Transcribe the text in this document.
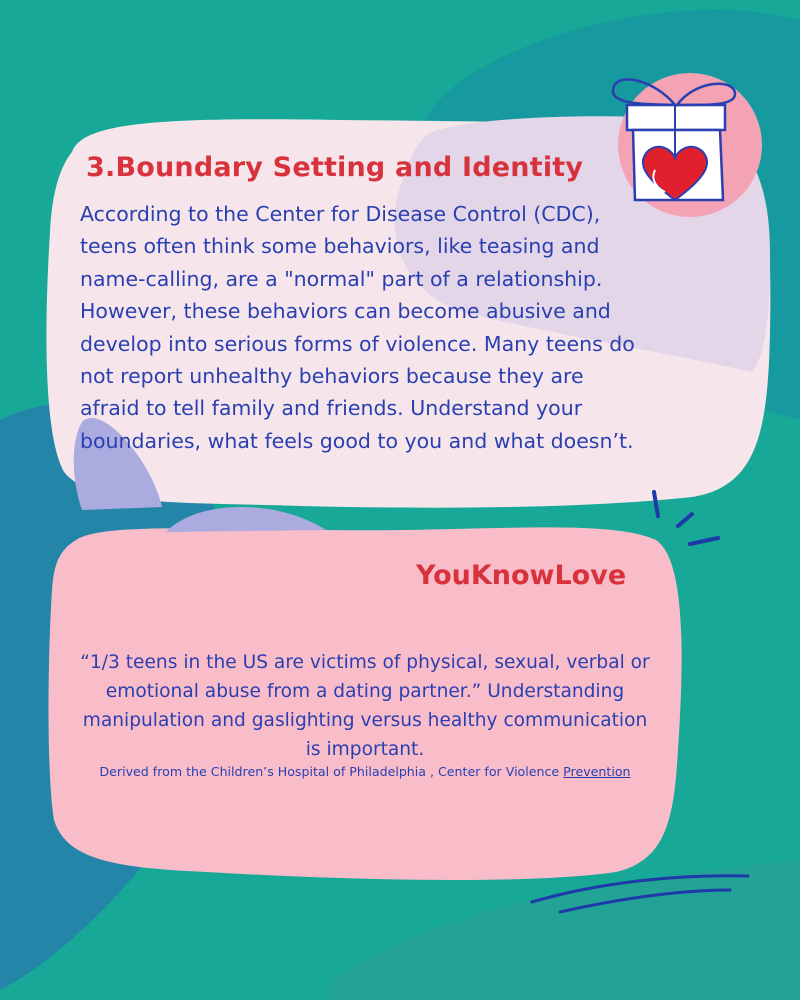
3.Boundary Setting and Identity

According to the Center for Disease Control (CDC),
teens often think some behaviors, like teasing and
name-calling, are a "normal" part of a relationship.
However, these behaviors can become abusive and
develop into serious forms of violence. Many teens do
not report unhealthy behaviors because they are
afraid to tell family and friends. Understand your
boundaries, what feels good to you and what doesn’t.

YouKnowLove

“1/3 teens in the US are victims of physical, sexual, verbal or
emotional abuse from a dating partner.” Understanding
manipulation and gaslighting versus healthy communication
is important.

Derived from the Children’s Hospital of Philadelphia , Center for Violence Prevention
